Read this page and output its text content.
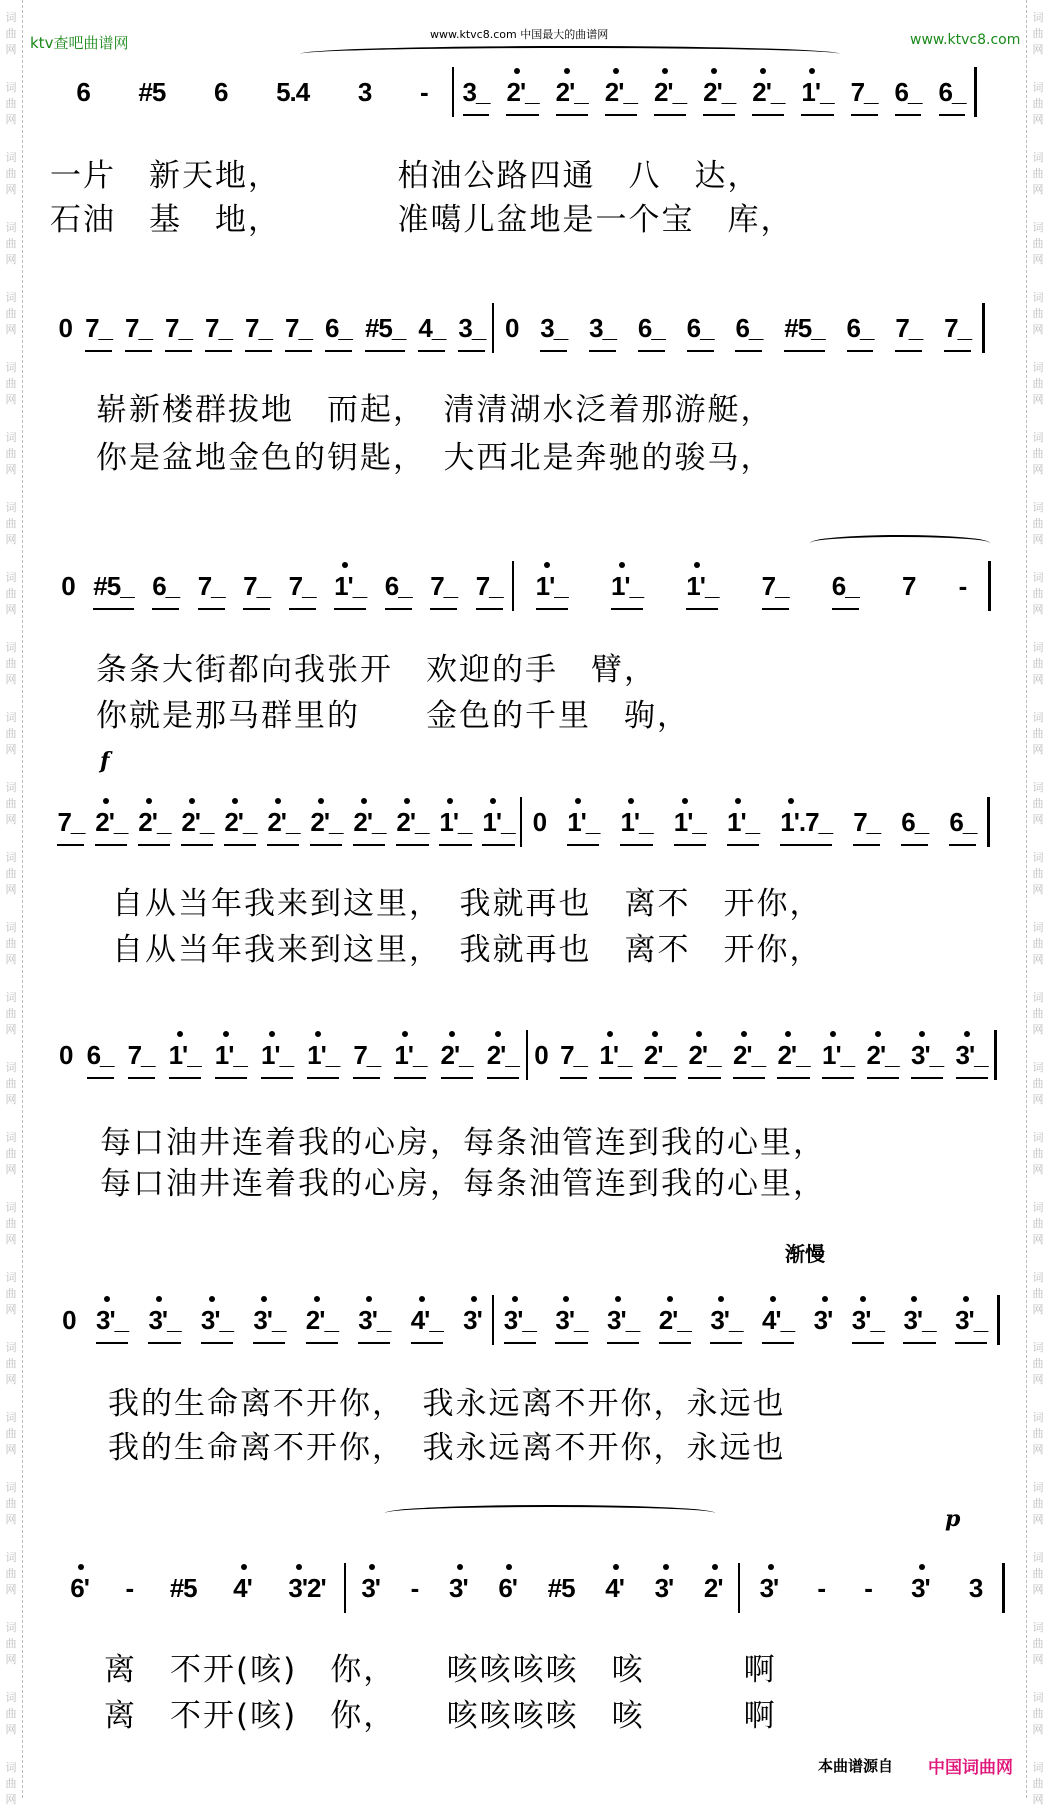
词曲网
词曲网
词曲网
词曲网
词曲网
词曲网
词曲网
词曲网
词曲网
词曲网
词曲网
词曲网
词曲网
词曲网
词曲网
词曲网
词曲网
词曲网
词曲网
词曲网
词曲网
词曲网
词曲网
词曲网
词曲网
词曲网
词曲网
词曲网
词曲网
词曲网
词曲网
词曲网
词曲网
词曲网
词曲网
词曲网
词曲网
词曲网
词曲网
词曲网
词曲网
词曲网
词曲网
词曲网
词曲网
词曲网
词曲网
词曲网
词曲网
词曲网
词曲网
词曲网
ktv查吧曲谱网	www.ktvc8.com 中国最大的曲谱网	www.ktvc8.com
6 #5 6 5.4 3 - 3_ 2'_ 2'_ 2'_ 2'_ 2'_ 2'_ 1'_ 7_ 6_ 6_
一片　新天地，　　　　柏油公路四通　八　达，
石油　基　地，　　　　准噶儿盆地是一个宝　库，
0 7_ 7_ 7_ 7_ 7_ 7_ 6_ #5_ 4_ 3_ 0 3_ 3_ 6_ 6_ 6_ #5_ 6_ 7_ 7_
崭新楼群拔地　而起，　清清湖水泛着那游艇，
你是盆地金色的钥匙，　大西北是奔驰的骏马，
0 #5_ 6_ 7_ 7_ 7_ 1'_ 6_ 7_ 7_ 1'_ 1'_ 1'_ 7_ 6_ 7 -
条条大街都向我张开　欢迎的手　臂，
你就是那马群里的　　金色的千里　驹，
7_ 2'_ 2'_ 2'_ 2'_ 2'_ 2'_ 2'_ 2'_ 1'_ 1'_ 0 1'_ 1'_ 1'_ 1'_ 1'.7_ 7_ 6_ 6_
自从当年我来到这里，　我就再也　离不　开你，
自从当年我来到这里，　我就再也　离不　开你，
0 6_ 7_ 1'_ 1'_ 1'_ 1'_ 7_ 1'_ 2'_ 2'_ 0 7_ 1'_ 2'_ 2'_ 2'_ 2'_ 1'_ 2'_ 3'_ 3'_
每口油井连着我的心房，每条油管连到我的心里，
每口油井连着我的心房，每条油管连到我的心里，
0 3'_ 3'_ 3'_ 3'_ 2'_ 3'_ 4'_ 3' 3'_ 3'_ 3'_ 2'_ 3'_ 4'_ 3' 3'_ 3'_ 3'_
我的生命离不开你，　我永远离不开你，永远也
我的生命离不开你，　我永远离不开你，永远也
6' - #5 4' 3'2' 3' - 3' 6' #5 4' 3' 2' 3' - - 3' 3
离　不开(咳)　你，　　咳咳咳咳　咳　　　啊
离　不开(咳)　你，　　咳咳咳咳　咳　　　啊
f
p
渐慢
本曲谱源自 中国词曲网
